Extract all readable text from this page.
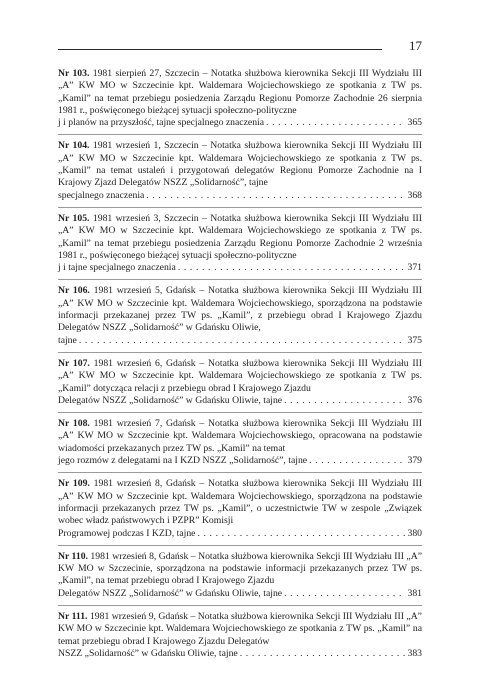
17
Nr 103. 1981 sierpień 27, Szczecin – Notatka służbowa kierownika Sekcji III Wydziału III „A” KW MO w Szczecinie kpt. Waldemara Wojciechowskiego ze spotkania z TW ps. „Kamil” na temat przebiegu posiedzenia Zarządu Regionu Pomorze Zachodnie 26 sierpnia 1981 r., poświęconego bieżącej sytuacji społeczno-polityczne
j i planów na przyszłość, tajne specjalnego znaczenia . . .	365
Nr 104. 1981 wrzesień 1, Szczecin – Notatka służbowa kierownika Sekcji III Wydziału III „A” KW MO w Szczecinie kpt. Waldemara Wojciechowskiego ze spotkania z TW ps. „Kamil” na temat ustaleń i przygotowań delegatów Regionu Pomorze Zachodnie na I Krajowy Zjazd Delegatów NSZZ „Solidarność”, tajne
specjalnego znaczenia . . .	368
Nr 105. 1981 wrzesień 3, Szczecin – Notatka służbowa kierownika Sekcji III Wydziału III „A” KW MO w Szczecinie kpt. Waldemara Wojciechowskiego ze spotkania z TW ps. „Kamil” na temat przebiegu posiedzenia Zarządu Regionu Pomorze Zachodnie 2 września 1981 r., poświęconego bieżącej sytuacji społeczno-polityczne
j i tajne specjalnego znaczenia . . .	371
Nr 106. 1981 wrzesień 5, Gdańsk – Notatka służbowa kierownika Sekcji III Wydziału III „A” KW MO w Szczecinie kpt. Waldemara Wojciechowskiego, sporządzona na podstawie informacji przekazanej przez TW ps. „Kamil”, z przebiegu obrad I Krajowego Zjazdu Delegatów NSZZ „Solidarność” w Gdańsku Oliwie,
tajne . . .	375
Nr 107. 1981 wrzesień 6, Gdańsk – Notatka służbowa kierownika Sekcji III Wydziału III „A” KW MO w Szczecinie kpt. Waldemara Wojciechowskiego ze spotkania z TW ps. „Kamil” dotycząca relacji z przebiegu obrad I Krajowego Zjazdu
Delegatów NSZZ „Solidarność” w Gdańsku Oliwie, tajne . . .	376
Nr 108. 1981 wrzesień 7, Gdańsk – Notatka służbowa kierownika Sekcji III Wydziału III „A” KW MO w Szczecinie kpt. Waldemara Wojciechowskiego, opracowana na podstawie wiadomości przekazanych przez TW ps. „Kamil” na temat
jego rozmów z delegatami na I KZD NSZZ „Solidarność”, tajne . . .	379
Nr 109. 1981 wrzesień 8, Gdańsk – Notatka służbowa kierownika Sekcji III Wydziału III „A” KW MO w Szczecinie kpt. Waldemara Wojciechowskiego, sporządzona na podstawie informacji przekazanych przez TW ps. „Kamil”, o uczestnictwie TW w zespole „Związek wobec władz państwowych i PZPR” Komisji
Programowej podczas I KZD, tajne . . .	380
Nr 110. 1981 wrzesień 8, Gdańsk – Notatka służbowa kierownika Sekcji III Wydziału III „A” KW MO w Szczecinie, sporządzona na podstawie informacji przekazanych przez TW ps. „Kamil”, na temat przebiegu obrad I Krajowego Zjazdu
Delegatów NSZZ „Solidarność” w Gdańsku Oliwie, tajne . . .	381
Nr 111. 1981 wrzesień 9, Gdańsk – Notatka służbowa kierownika Sekcji III Wydziału III „A” KW MO w Szczecinie kpt. Waldemara Wojciechowskiego ze spotkania z TW ps. „Kamil” na temat przebiegu obrad I Krajowego Zjazdu Delegatów
NSZZ „Solidarność” w Gdańsku Oliwie, tajne . . .	383
